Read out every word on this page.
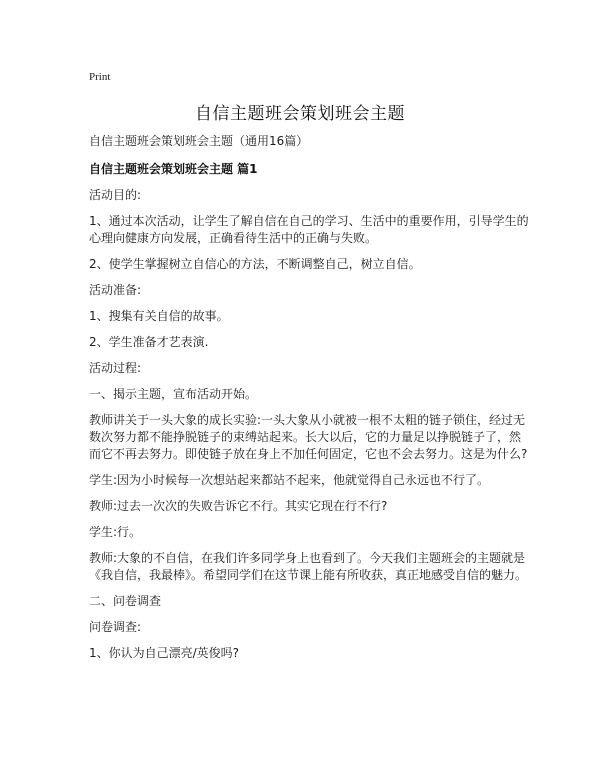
Print
自信主题班会策划班会主题

自信主题班会策划班会主题（通用16篇）

自信主题班会策划班会主题 篇1

活动目的:

1、通过本次活动，让学生了解自信在自己的学习、生活中的重要作用，引导学生的心理向健康方向发展，正确看待生活中的正确与失败。

2、使学生掌握树立自信心的方法，不断调整自己，树立自信。

活动准备:

1、搜集有关自信的故事。

2、学生准备才艺表演.

活动过程:

一、揭示主题，宣布活动开始。

教师讲关于一头大象的成长实验:一头大象从小就被一根不太粗的链子锁住，经过无数次努力都不能挣脱链子的束缚站起来。长大以后，它的力量足以挣脱链子了，然而它不再去努力。即使链子放在身上不加任何固定，它也不会去努力。这是为什么?

学生:因为小时候每一次想站起来都站不起来，他就觉得自己永远也不行了。

教师:过去一次次的失败告诉它不行。其实它现在行不行?

学生:行。

教师:大象的不自信，在我们许多同学身上也看到了。今天我们主题班会的主题就是《我自信，我最棒》。希望同学们在这节课上能有所收获，真正地感受自信的魅力。

二、问卷调查

问卷调查:

1、你认为自己漂亮/英俊吗?
